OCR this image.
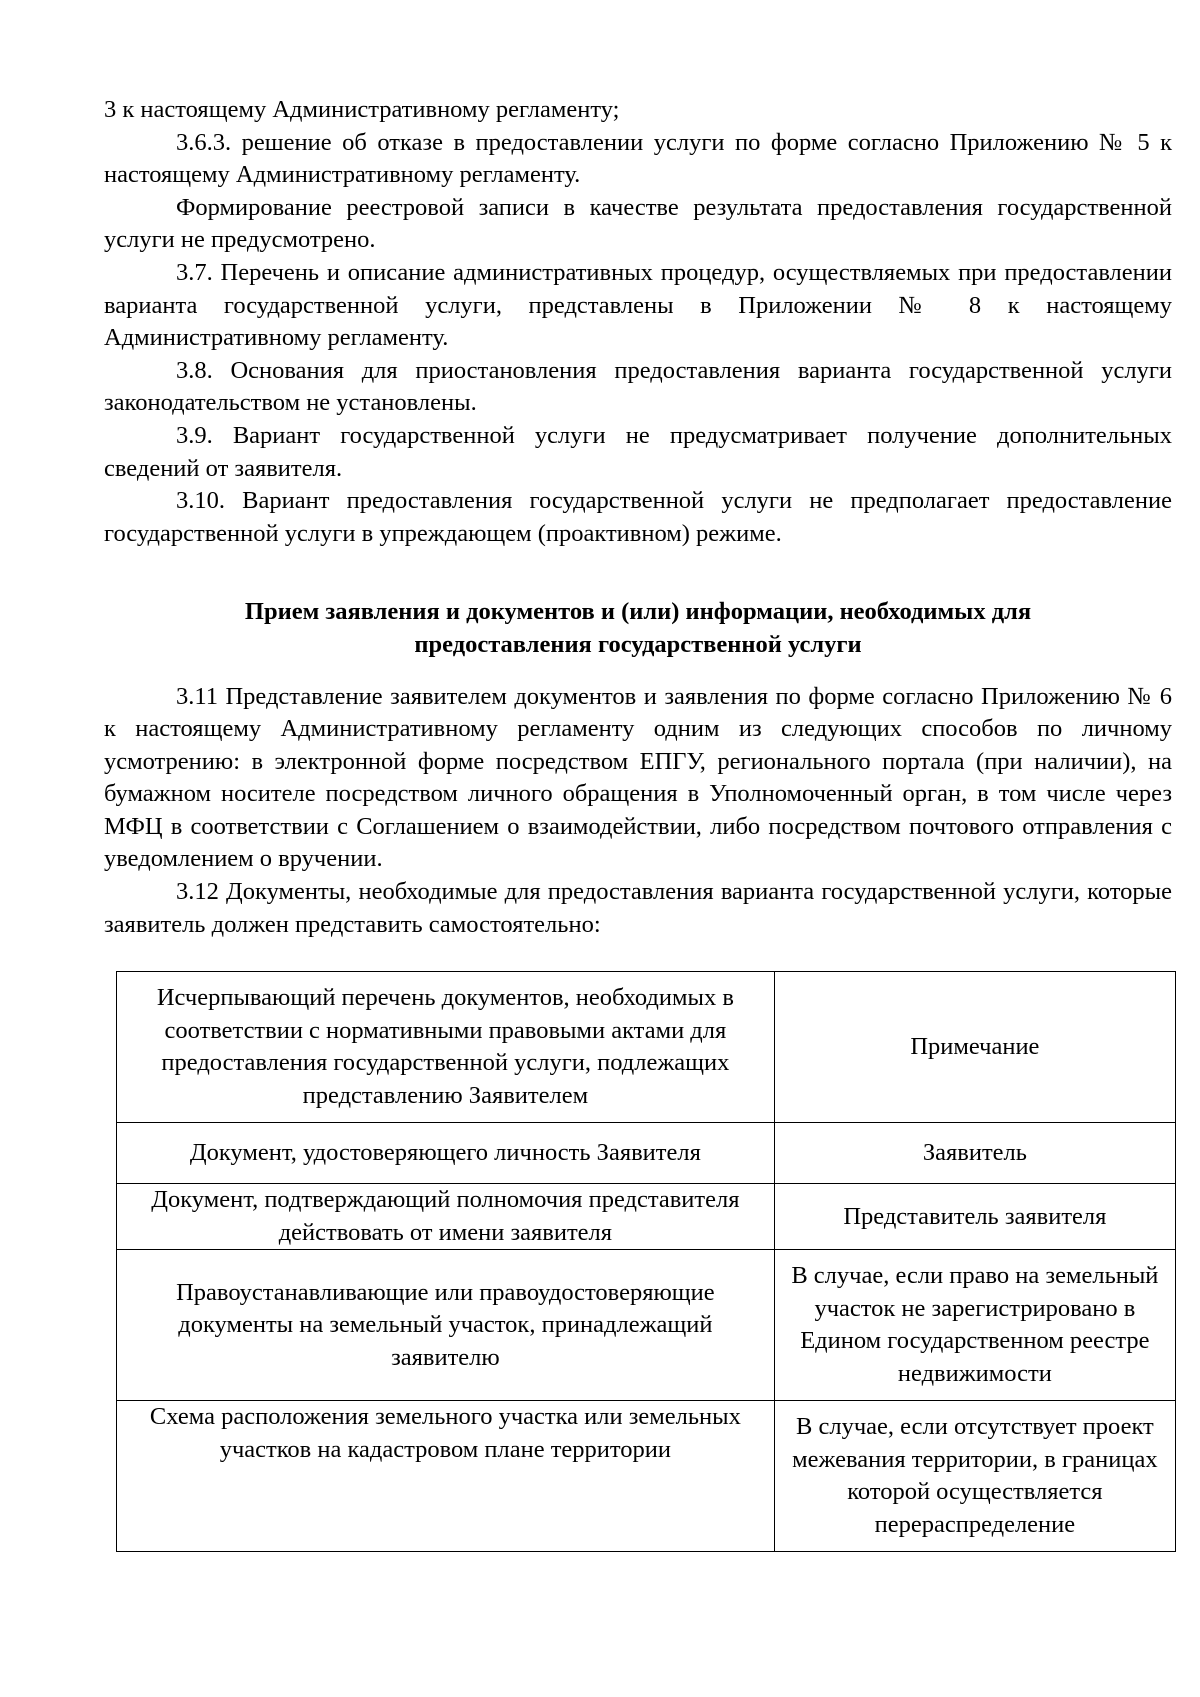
3 к настоящему Административному регламенту;

3.6.3. решение об отказе в предоставлении услуги по форме согласно Приложению № 5 к настоящему Административному регламенту.

Формирование реестровой записи в качестве результата предоставления государственной услуги не предусмотрено.

3.7. Перечень и описание административных процедур, осуществляемых при предоставлении варианта государственной услуги, представлены в Приложении № 8 к настоящему Административному регламенту.

3.8. Основания для приостановления предоставления варианта государственной услуги законодательством не установлены.

3.9. Вариант государственной услуги не предусматривает получение дополнительных сведений от заявителя.

3.10. Вариант предоставления государственной услуги не предполагает предоставление государственной услуги в упреждающем (проактивном) режиме.

Прием заявления и документов и (или) информации, необходимых для

предоставления государственной услуги

3.11 Представление заявителем документов и заявления по форме согласно Приложению № 6 к настоящему Административному регламенту одним из следующих способов по личному усмотрению: в электронной форме посредством ЕПГУ, регионального портала (при наличии), на бумажном носителе посредством личного обращения в Уполномоченный орган, в том числе через МФЦ в соответствии с Соглашением о взаимодействии, либо посредством почтового отправления с уведомлением о вручении.

3.12 Документы, необходимые для предоставления варианта государственной услуги, которые заявитель должен представить самостоятельно:

Исчерпывающий перечень документов, необходимых в соответствии с нормативными правовыми актами для предоставления государственной услуги, подлежащих представлению Заявителем	Примечание
Документ, удостоверяющего личность Заявителя	Заявитель
Документ, подтверждающий полномочия представителя действовать от имени заявителя	Представитель заявителя
Правоустанавливающие или правоудостоверяющие документы на земельный участок, принадлежащий заявителю	В случае, если право на земельный участок не зарегистрировано в Едином государственном реестре недвижимости
Схема расположения земельного участка или земельных участков на кадастровом плане территории	В случае, если отсутствует проект межевания территории, в границах которой осуществляется перераспределение
